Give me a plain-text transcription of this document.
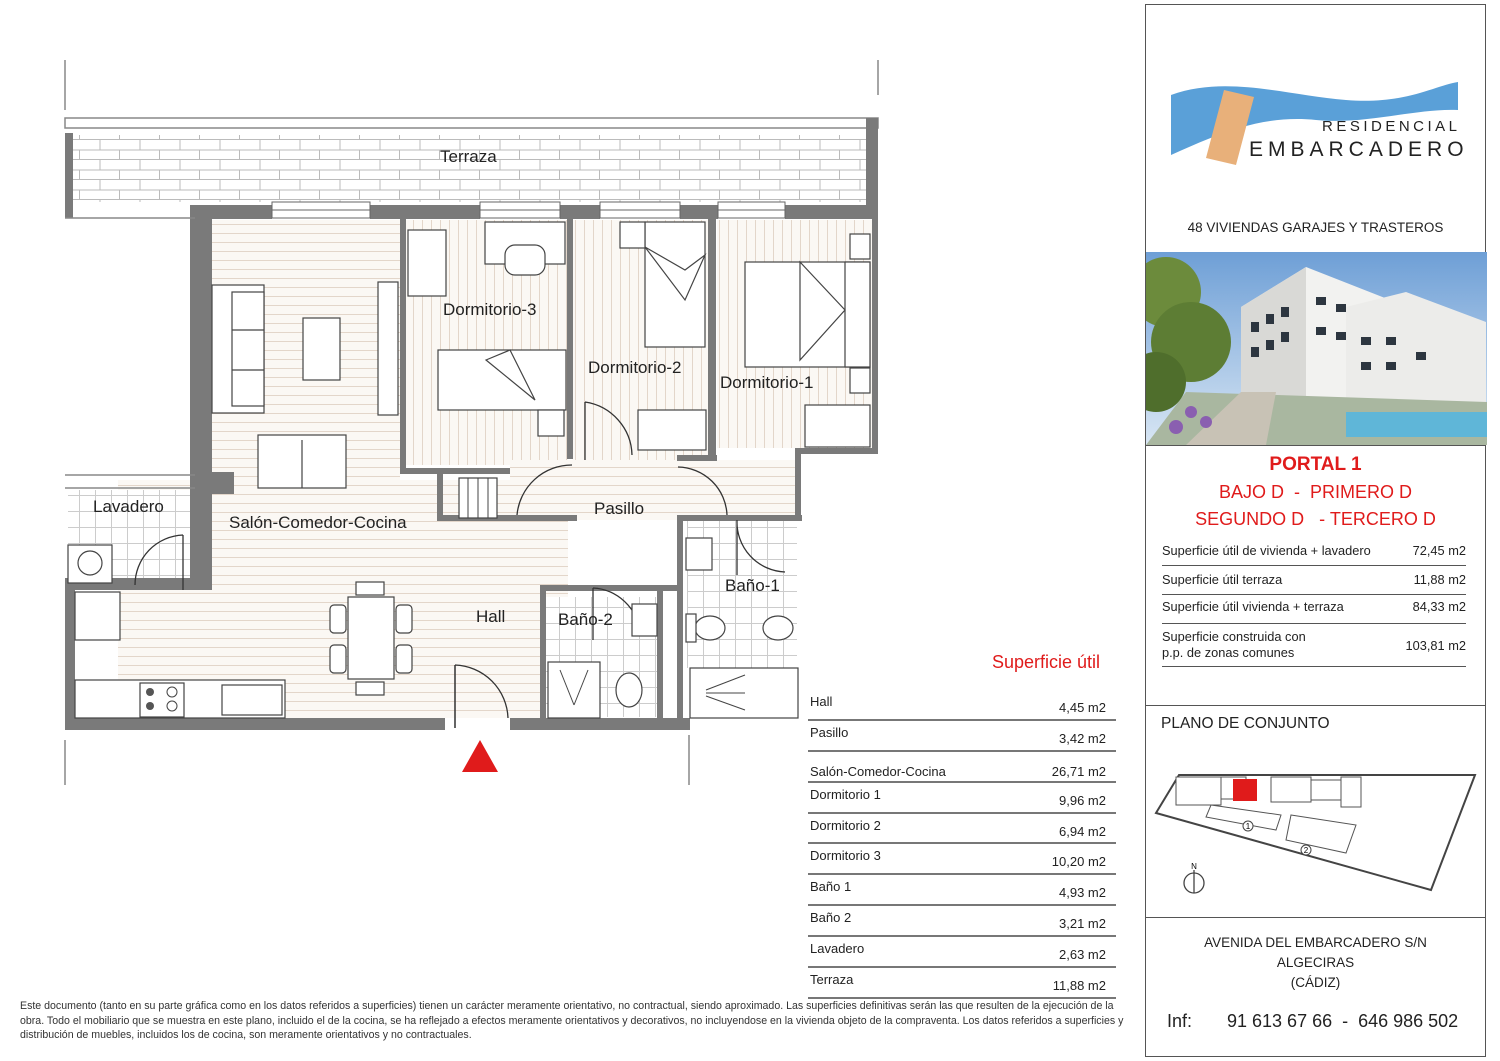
Terraza
Dormitorio-3
Dormitorio-2
Dormitorio-1
Lavadero
Salón-Comedor-Cocina
Pasillo
Baño-1
Baño-2
Hall
Superficie útil
Hall	4,45 m2
Pasillo	3,42 m2
Salón-Comedor-Cocina	26,71 m2
Dormitorio 1	9,96 m2
Dormitorio 2	6,94 m2
Dormitorio 3	10,20 m2
Baño 1	4,93 m2
Baño 2	3,21 m2
Lavadero	2,63 m2
Terraza	11,88 m2
Este documento (tanto en su parte gráfica como en los datos referidos a superficies) tienen un carácter meramente orientativo, no contractual, siendo aproximado. Las superficies definitivas serán las que resulten de la ejecución de la obra. Todo el mobiliario que se muestra en este plano, incluido el de la cocina, se ha reflejado a efectos meramente orientativos y decorativos, no incluyendose en la vivienda objeto de la compraventa. Los datos referidos a superficies y distribución de muebles, incluidos los de cocina, son meramente orientativos y no contractuales.
RESIDENCIAL
EMBARCADERO
48 VIVIENDAS GARAJES Y TRASTEROS
PORTAL 1
BAJO D  -  PRIMERO D
SEGUNDO D   - TERCERO D
Superficie útil de vivienda + lavadero	72,45 m2
Superficie útil terraza	11,88 m2
Superficie útil vivienda + terraza	84,33 m2
Superficie construida con
p.p. de zonas comunes	103,81 m2
PLANO DE CONJUNTO
1
2
N
AVENIDA DEL EMBARCADERO S/N
ALGECIRAS
(CÁDIZ)
Inf: 91 613 67 66  -  646 986 502
